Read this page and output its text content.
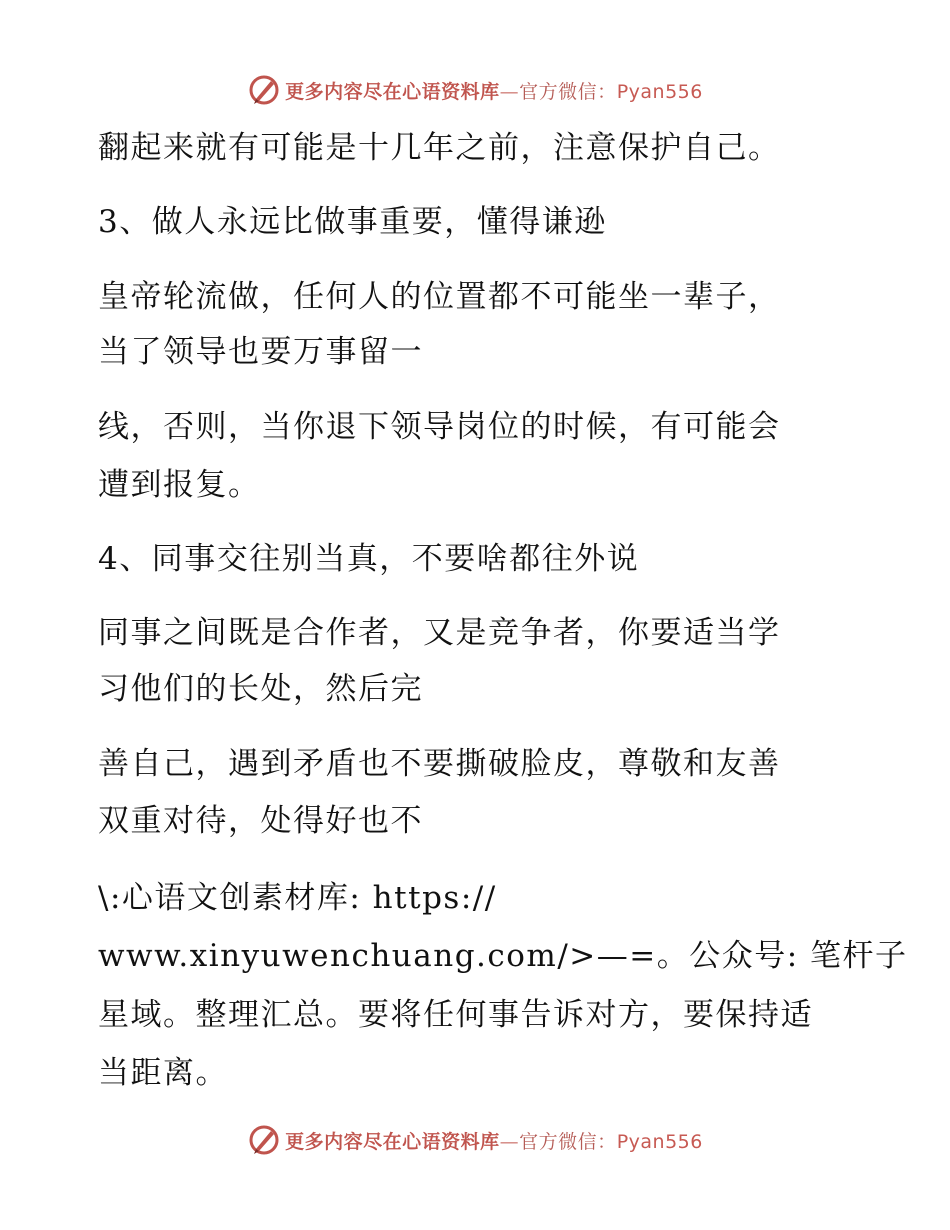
更多内容尽在心语资料库—官方微信：Pyan556
翻起来就有可能是十几年之前，注意保护自己。
3、做人永远比做事重要，懂得谦逊
皇帝轮流做，任何人的位置都不可能坐一辈子，
当了领导也要万事留一
线，否则，当你退下领导岗位的时候，有可能会
遭到报复。
4、同事交往别当真，不要啥都往外说
同事之间既是合作者，又是竞争者，你要适当学
习他们的长处，然后完
善自己，遇到矛盾也不要撕破脸皮，尊敬和友善
双重对待，处得好也不
\:心语文创素材库: https://
www.xinyuwenchuang.com/>—=。公众号: 笔杆子
星域。整理汇总。要将任何事告诉对方，要保持适
当距离。
更多内容尽在心语资料库—官方微信：Pyan556
